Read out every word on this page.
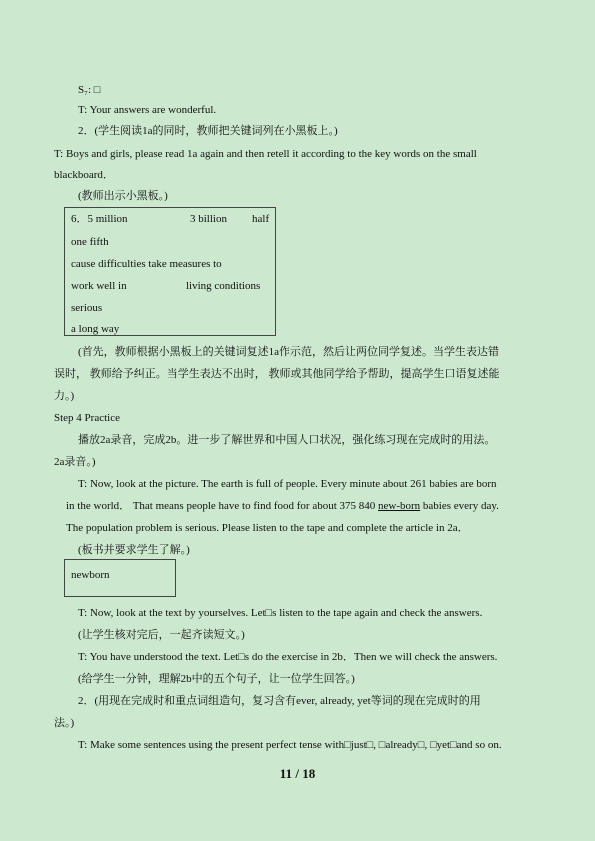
S₇: □
T: Your answers are wonderful.
2．(学生阅读1a的同时，教师把关键词列在小黑板上。)
T: Boys and girls, please read 1a again and then retell it according to the key words on the small
blackboard．
(教师出示小黑板。)
6．5 million	3 billion half
one fifth
cause difficulties take measures to
work well in	living conditions
serious
a long way
(首先，教师根据小黑板上的关键词复述1a作示范，然后让两位同学复述。当学生表达错
误时， 教师给予纠正。当学生表达不出时， 教师或其他同学给予帮助，提高学生口语复述能
力。)
Step 4 Practice
播放2a录音，完成2b。进一步了解世界和中国人口状况，强化练习现在完成时的用法。
2a录音。)
T: Now, look at the picture. The earth is full of people. Every minute about 261 babies are born
in the world． That means people have to find food for about 375 840 new-born babies every day.
The population problem is serious. Please listen to the tape and complete the article in 2a．
(板书并要求学生了解。)
newborn
T: Now, look at the text by yourselves. Let□s listen to the tape again and check the answers.
(让学生核对完后，一起齐读短文。)
T: You have understood the text. Let□s do the exercise in 2b．Then we will check the answers.
(给学生一分钟，理解2b中的五个句子，让一位学生回答。)
2．(用现在完成时和重点词组造句，复习含有ever, already, yet等词的现在完成时的用
法。)
T: Make some sentences using the present perfect tense with□just□, □already□, □yet□and so on.
11 / 18
